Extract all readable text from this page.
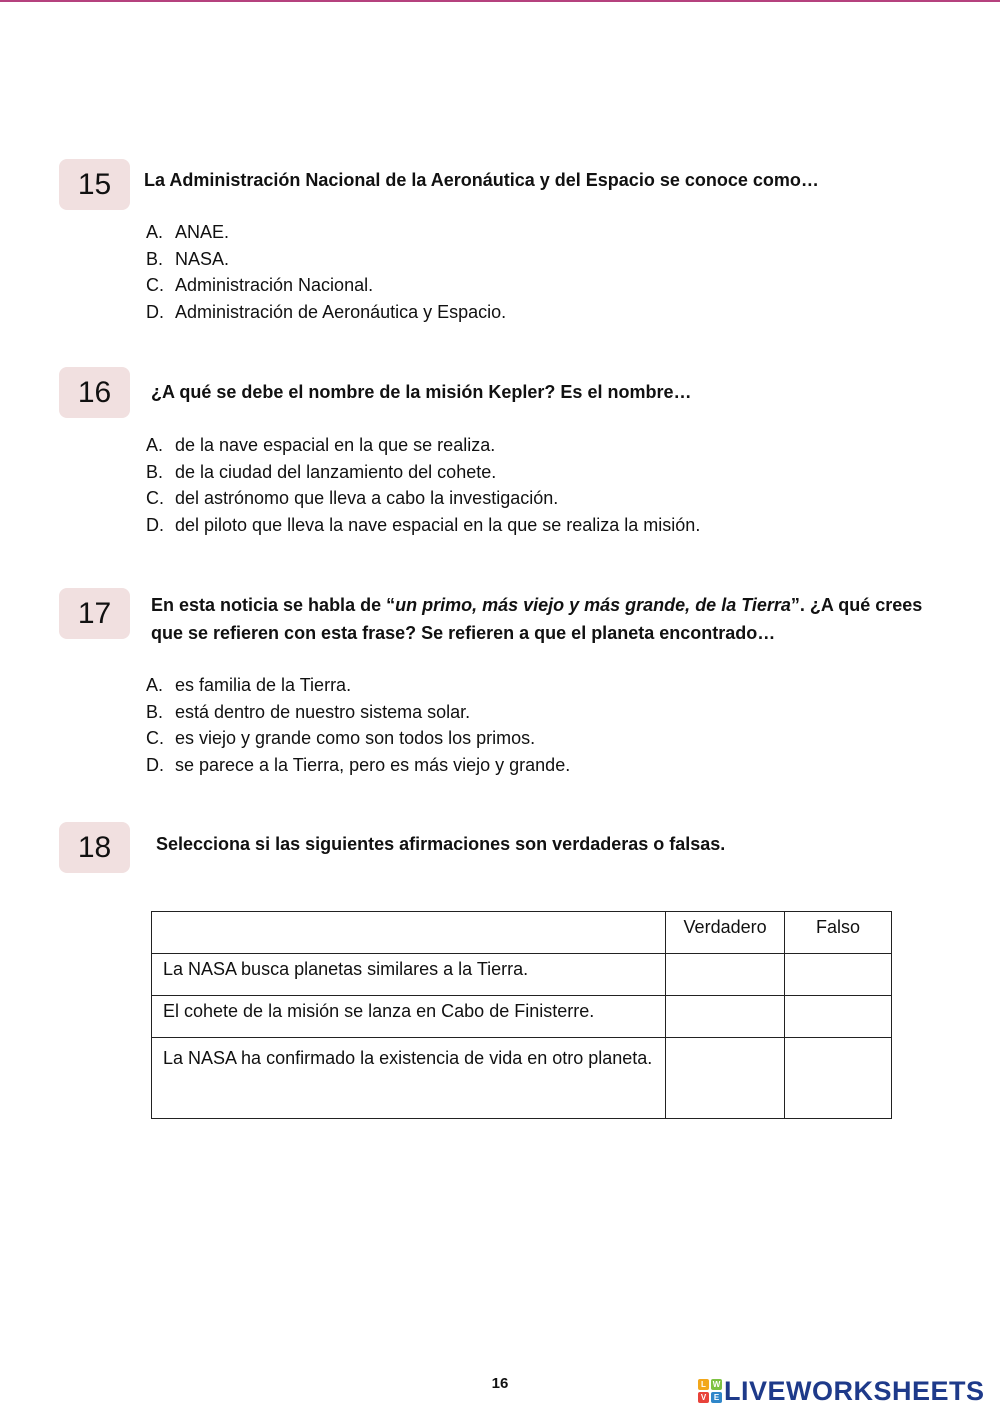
15	La Administración Nacional de la Aeronáutica y del Espacio se conoce como…
A. ANAE.
B. NASA.
C. Administración Nacional.
D. Administración de Aeronáutica y Espacio.
16	¿A qué se debe el nombre de la misión Kepler? Es el nombre…
A. de la nave espacial en la que se realiza.
B. de la ciudad del lanzamiento del cohete.
C. del astrónomo que lleva a cabo la investigación.
D. del piloto que lleva la nave espacial en la que se realiza la misión.
17	En esta noticia se habla de “un primo, más viejo y más grande, de la Tierra”. ¿A qué crees que se refieren con esta frase? Se refieren a que el planeta encontrado…
A. es familia de la Tierra.
B. está dentro de nuestro sistema solar.
C. es viejo y grande como son todos los primos.
D. se parece a la Tierra, pero es más viejo y grande.
18	Selecciona si las siguientes afirmaciones son verdaderas o falsas.
	Verdadero	Falso
La NASA busca planetas similares a la Tierra.		
El cohete de la misión se lanza en Cabo de Finisterre.		
La NASA ha confirmado la existencia de vida en otro planeta.		
16	L W
V E LIVEWORKSHEETS
